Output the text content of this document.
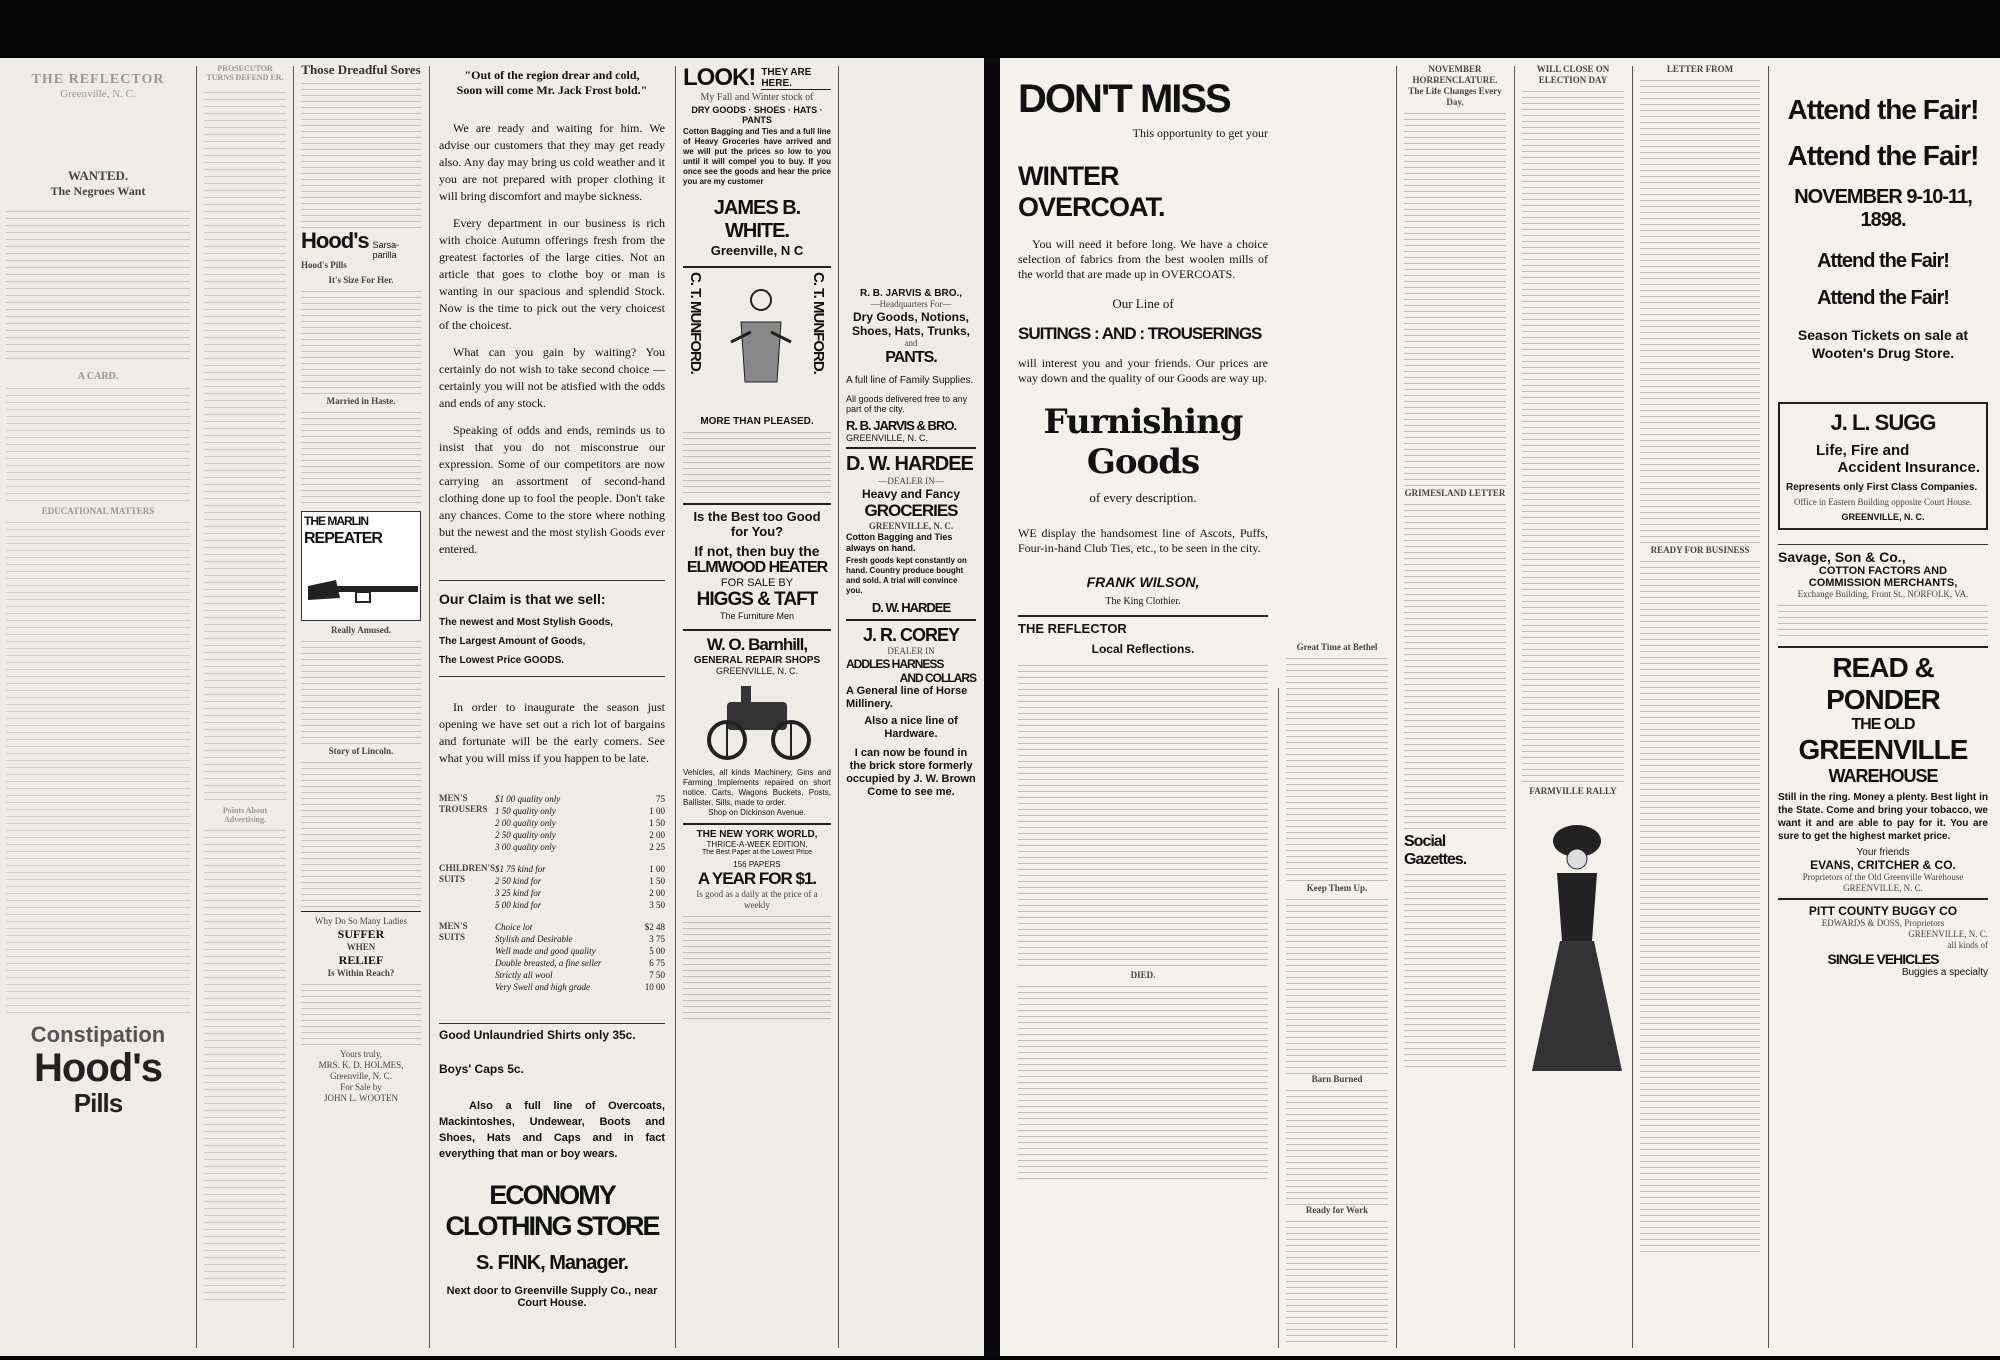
THE REFLECTOR
Greenville, N. C.

WANTED.
The Negroes Want
A CARD.
EDUCATIONAL MATTERS
Constipation
Hood's
Pills
PROSECUTOR TURNS DEFEND ER.
Points About Advertising.
Those Dreadful Sores
Hood's Sarsa-parilla
Hood's Pills
It's Size For Her.
Married in Haste.
THE MARLIN
REPEATER
Really Amused.
Story of Lincoln.
Why Do So Many Ladies
SUFFER
WHEN
RELIEF
Is Within Reach?
Yours truly,
MRS. K. D. HOLMES,
Greenville, N. C.
For Sale by
JOHN L. WOOTEN
"Out of the region drear and cold,
Soon will come Mr. Jack Frost bold."
We are ready and waiting for him. We advise our customers that they may get ready also. Any day may bring us cold weather and it you are not prepared with proper clothing it will bring discomfort and maybe sickness.
Every department in our business is rich with choice Autumn offerings fresh from the greatest factories of the large cities. Not an article that goes to clothe boy or man is wanting in our spacious and splendid Stock. Now is the time to pick out the very choicest of the choicest.
What can you gain by waiting? You certainly do not wish to take second choice —certainly you will not be atisfied with the odds and ends of any stock.
Speaking of odds and ends, reminds us to insist that you do not misconstrue our expression. Some of our competitors are now carrying an assortment of second-hand clothing done up to fool the people. Don't take any chances. Come to the store where nothing but the newest and the most stylish Goods ever entered.
Our Claim is that we sell:
The newest and Most Stylish Goods,
The Largest Amount of Goods,
The Lowest Price GOODS.
In order to inaugurate the season just opening we have set out a rich lot of bargains and fortunate will be the early comers. See what you will miss if you happen to be late.
MEN'S TROUSERS
$1 00 quality only	75
1 50 quality only	1 00
2 00 quality only	1 50
2 50 quality only	2 00
3 00 quality only	2 25
CHILDREN'S SUITS
$1 75 kind for	1 00
2 50 kind for	1 50
3 25 kind for	2 00
5 00 kind for	3 50
MEN'S SUITS
Choice lot	$2 48
Stylish and Desirable	3 75
Well made and good quality	5 00
Double breasted, a fine seller	6 75
Strictly all wool	7 50
Very Swell and high grade	10 00
Good Unlaundried Shirts only 35c.
Boys' Caps 5c.
Also a full line of Overcoats, Mackintoshes, Undewear, Boots and Shoes, Hats and Caps and in fact everything that man or boy wears.
ECONOMY CLOTHING STORE
S. FINK, Manager.
Next door to Greenville Supply Co., near Court House.
LOOK! THEY ARE HERE.
My Fall and Winter stock of
DRY GOODS · SHOES · HATS · PANTS
Cotton Bagging and Ties and a full line of Heavy Groceries have arrived and we will put the prices so low to you until it will compel you to buy. If you once see the goods and hear the price you are my customer
JAMES B. WHITE.
Greenville, N C
C. T. MUNFORD.	C. T. MUNFORD.
MORE THAN PLEASED.
Is the Best too Good for You?
If not, then buy the
ELMWOOD HEATER
FOR SALE BY
HIGGS & TAFT
The Furniture Men
W. O. Barnhill,
GENERAL REPAIR SHOPS
GREENVILLE, N. C.
Vehicles, all kinds Machinery, Gins and Farming Implements repaired on short notice. Carts, Wagons Buckets, Posts, Ballister, Sills, made to order.
Shop on Dickinson Avenue.
THE NEW YORK WORLD,
THRICE-A-WEEK EDITION,
The Best Paper at the Lowest Price
156 PAPERS
A YEAR FOR $1.
Is good as a daily at the price of a weekly
R. B. JARVIS & BRO.,
—Headquarters For—
Dry Goods, Notions, Shoes, Hats, Trunks,
and
PANTS.
A full line of Family Supplies.
All goods delivered free to any part of the city.
R. B. JARVIS & BRO.
GREENVILLE, N. C.
D. W. HARDEE
—DEALER IN—
Heavy and Fancy
GROCERIES
GREENVILLE, N. C.
Cotton Bagging and Ties always on hand.
Fresh goods kept constantly on hand. Country produce bought and sold. A trial will convince you.
D. W. HARDEE
J. R. COREY
DEALER IN
ADDLES HARNESS
AND COLLARS
A General line of Horse Millinery.
Also a nice line of Hardware.
I can now be found in the brick store formerly occupied by J. W. Brown Come to see me.
DON'T MISS
This opportunity to get your
WINTER OVERCOAT.
You will need it before long. We have a choice selection of fabrics from the best woolen mills of the world that are made up in OVERCOATS.
Our Line of
SUITINGS : AND : TROUSERINGS
will interest you and your friends. Our prices are way down and the quality of our Goods are way up.
Furnishing Goods
of every description.
WE display the handsomest line of Ascots, Puffs, Four-in-hand Club Ties, etc., to be seen in the city.
FRANK WILSON,
The King Clothier.
THE REFLECTOR
Local Reflections.
DIED.
Great Time at Bethel
Keep Them Up.
Barn Burned
Ready for Work
NOVEMBER HORRENCLATURE.
The Life Changes Every Day.
GRIMESLAND LETTER
Social Gazettes.
WILL CLOSE ON ELECTION DAY
FARMVILLE RALLY
LETTER FROM
READY FOR BUSINESS
Attend the Fair!
Attend the Fair!
NOVEMBER 9-10-11, 1898.
Attend the Fair!
Attend the Fair!
Season Tickets on sale at Wooten's Drug Store.
J. L. SUGG
Life, Fire and
Accident Insurance.
Represents only First Class Companies.
Office in Eastern Building opposite Court House.
GREENVILLE, N. C.
Savage, Son & Co.,
COTTON FACTORS AND
COMMISSION MERCHANTS,
Exchange Building, Front St., NORFOLK, VA.
READ & PONDER
THE OLD
GREENVILLE
WAREHOUSE
Still in the ring. Money a plenty. Best light in the State. Come and bring your tobacco, we want it and are able to pay for it. You are sure to get the highest market price.
Your friends
EVANS, CRITCHER & CO.
Proprietors of the Old Greenville Warehouse
GREENVILLE, N. C.
PITT COUNTY BUGGY CO
EDWARDS & DOSS, Proprietors
GREENVILLE, N. C.
all kinds of
SINGLE VEHICLES
Buggies a specialty
